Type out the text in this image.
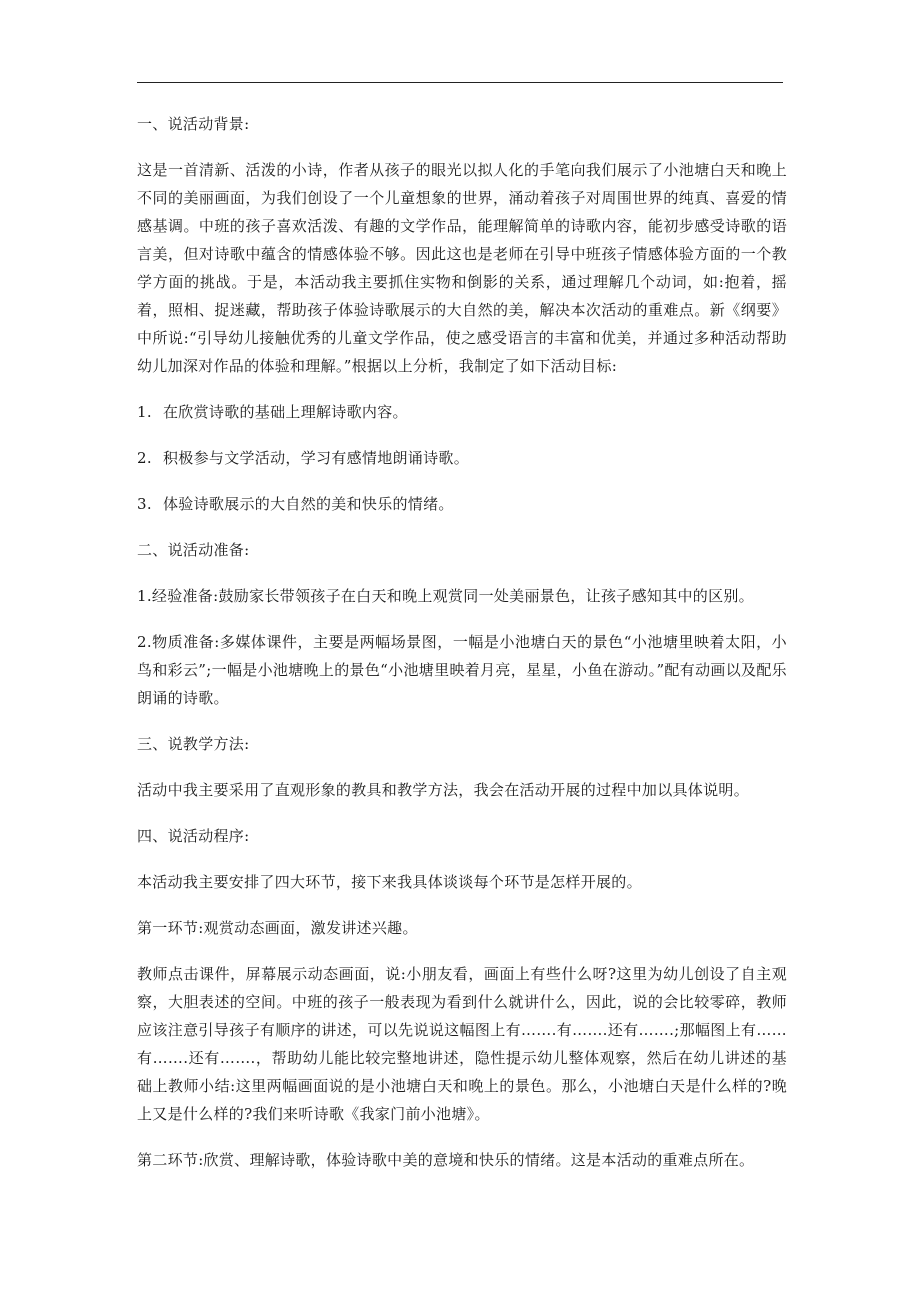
一、说活动背景:

这是一首清新、活泼的小诗，作者从孩子的眼光以拟人化的手笔向我们展示了小池塘白天和晚上不同的美丽画面，为我们创设了一个儿童想象的世界，涌动着孩子对周围世界的纯真、喜爱的情感基调。中班的孩子喜欢活泼、有趣的文学作品，能理解简单的诗歌内容，能初步感受诗歌的语言美，但对诗歌中蕴含的情感体验不够。因此这也是老师在引导中班孩子情感体验方面的一个教学方面的挑战。于是，本活动我主要抓住实物和倒影的关系，通过理解几个动词，如:抱着，摇着，照相、捉迷藏，帮助孩子体验诗歌展示的大自然的美，解决本次活动的重难点。新《纲要》中所说:“引导幼儿接触优秀的儿童文学作品，使之感受语言的丰富和优美，并通过多种活动帮助幼儿加深对作品的体验和理解。”根据以上分析，我制定了如下活动目标:

1. 在欣赏诗歌的基础上理解诗歌内容。
2. 积极参与文学活动，学习有感情地朗诵诗歌。
3. 体验诗歌展示的大自然的美和快乐的情绪。

二、说活动准备:

1.经验准备:鼓励家长带领孩子在白天和晚上观赏同一处美丽景色，让孩子感知其中的区别。

2.物质准备:多媒体课件，主要是两幅场景图，一幅是小池塘白天的景色“小池塘里映着太阳，小鸟和彩云”;一幅是小池塘晚上的景色“小池塘里映着月亮，星星，小鱼在游动。”配有动画以及配乐朗诵的诗歌。

三、说教学方法:

活动中我主要采用了直观形象的教具和教学方法，我会在活动开展的过程中加以具体说明。

四、说活动程序:

本活动我主要安排了四大环节，接下来我具体谈谈每个环节是怎样开展的。

第一环节:观赏动态画面，激发讲述兴趣。

教师点击课件，屏幕展示动态画面，说:小朋友看，画面上有些什么呀?这里为幼儿创设了自主观察，大胆表述的空间。中班的孩子一般表现为看到什么就讲什么，因此，说的会比较零碎，教师应该注意引导孩子有顺序的讲述，可以先说说这幅图上有…….有…….还有…….;那幅图上有……有…….还有…….，帮助幼儿能比较完整地讲述，隐性提示幼儿整体观察，然后在幼儿讲述的基础上教师小结:这里两幅画面说的是小池塘白天和晚上的景色。那么，小池塘白天是什么样的?晚上又是什么样的?我们来听诗歌《我家门前小池塘》。

第二环节:欣赏、理解诗歌，体验诗歌中美的意境和快乐的情绪。这是本活动的重难点所在。
